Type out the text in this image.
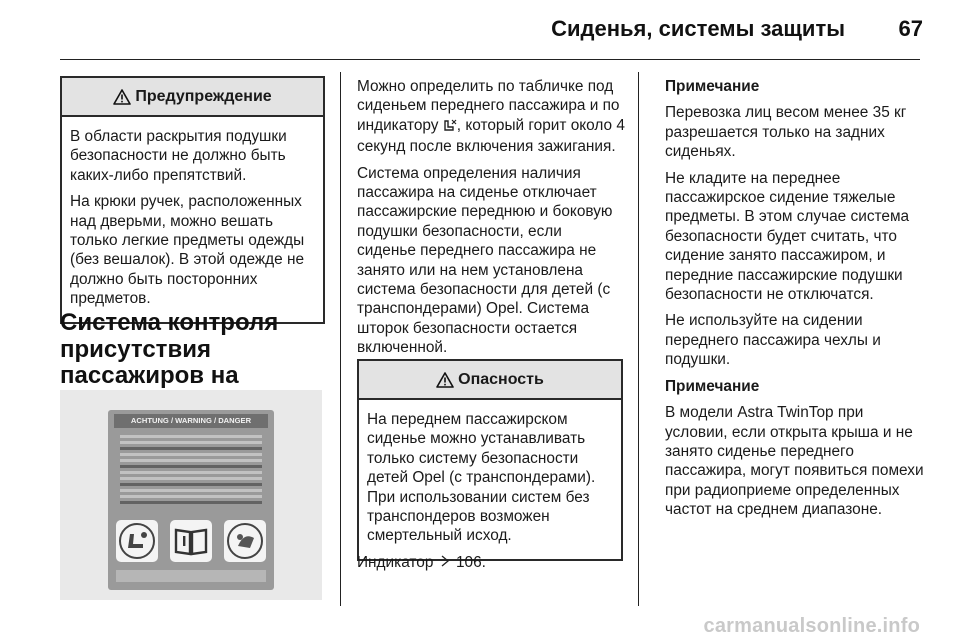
Сиденья, системы защиты 67
Предупреждение

В области раскрытия подушки безопасности не должно быть каких-либо препятствий.

На крюки ручек, расположенных над дверьми, можно вешать только легкие предметы одежды (без вешалок). В этой одежде не должно быть посторонних предметов.

Система контроля присутствия пассажиров на
ACHTUNG / WARNING / DANGER

Можно определить по табличке под сиденьем переднего пассажира и по индикатору , который горит около 4 секунд после включения зажигания.

Система определения наличия пассажира на сиденье отключает пассажирские переднюю и боковую подушки безопасности, если сиденье переднего пассажира не занято или на нем установлена система безопасности для детей (с транспондерами) Opel. Система шторок безопасности остается включенной.

Опасность

На переднем пассажирском сиденье можно устанавливать только систему безопасности детей Opel (с транспондерами). При использовании систем без транспондеров возможен смертельный исход.

Индикатор 106.

Примечание

Перевозка лиц весом менее 35 кг разрешается только на задних сиденьях.

Не кладите на переднее пассажирское сидение тяжелые предметы. В этом случае система безопасности будет считать, что сидение занято пассажиром, и передние пассажирские подушки безопасности не отключатся.

Не используйте на сидении переднего пассажира чехлы и подушки.

Примечание

В модели Astra TwinTop при условии, если открыта крыша и не занято сиденье переднего пассажира, могут появиться помехи при радиоприеме определенных частот на среднем диапазоне.

carmanualsonline.info
